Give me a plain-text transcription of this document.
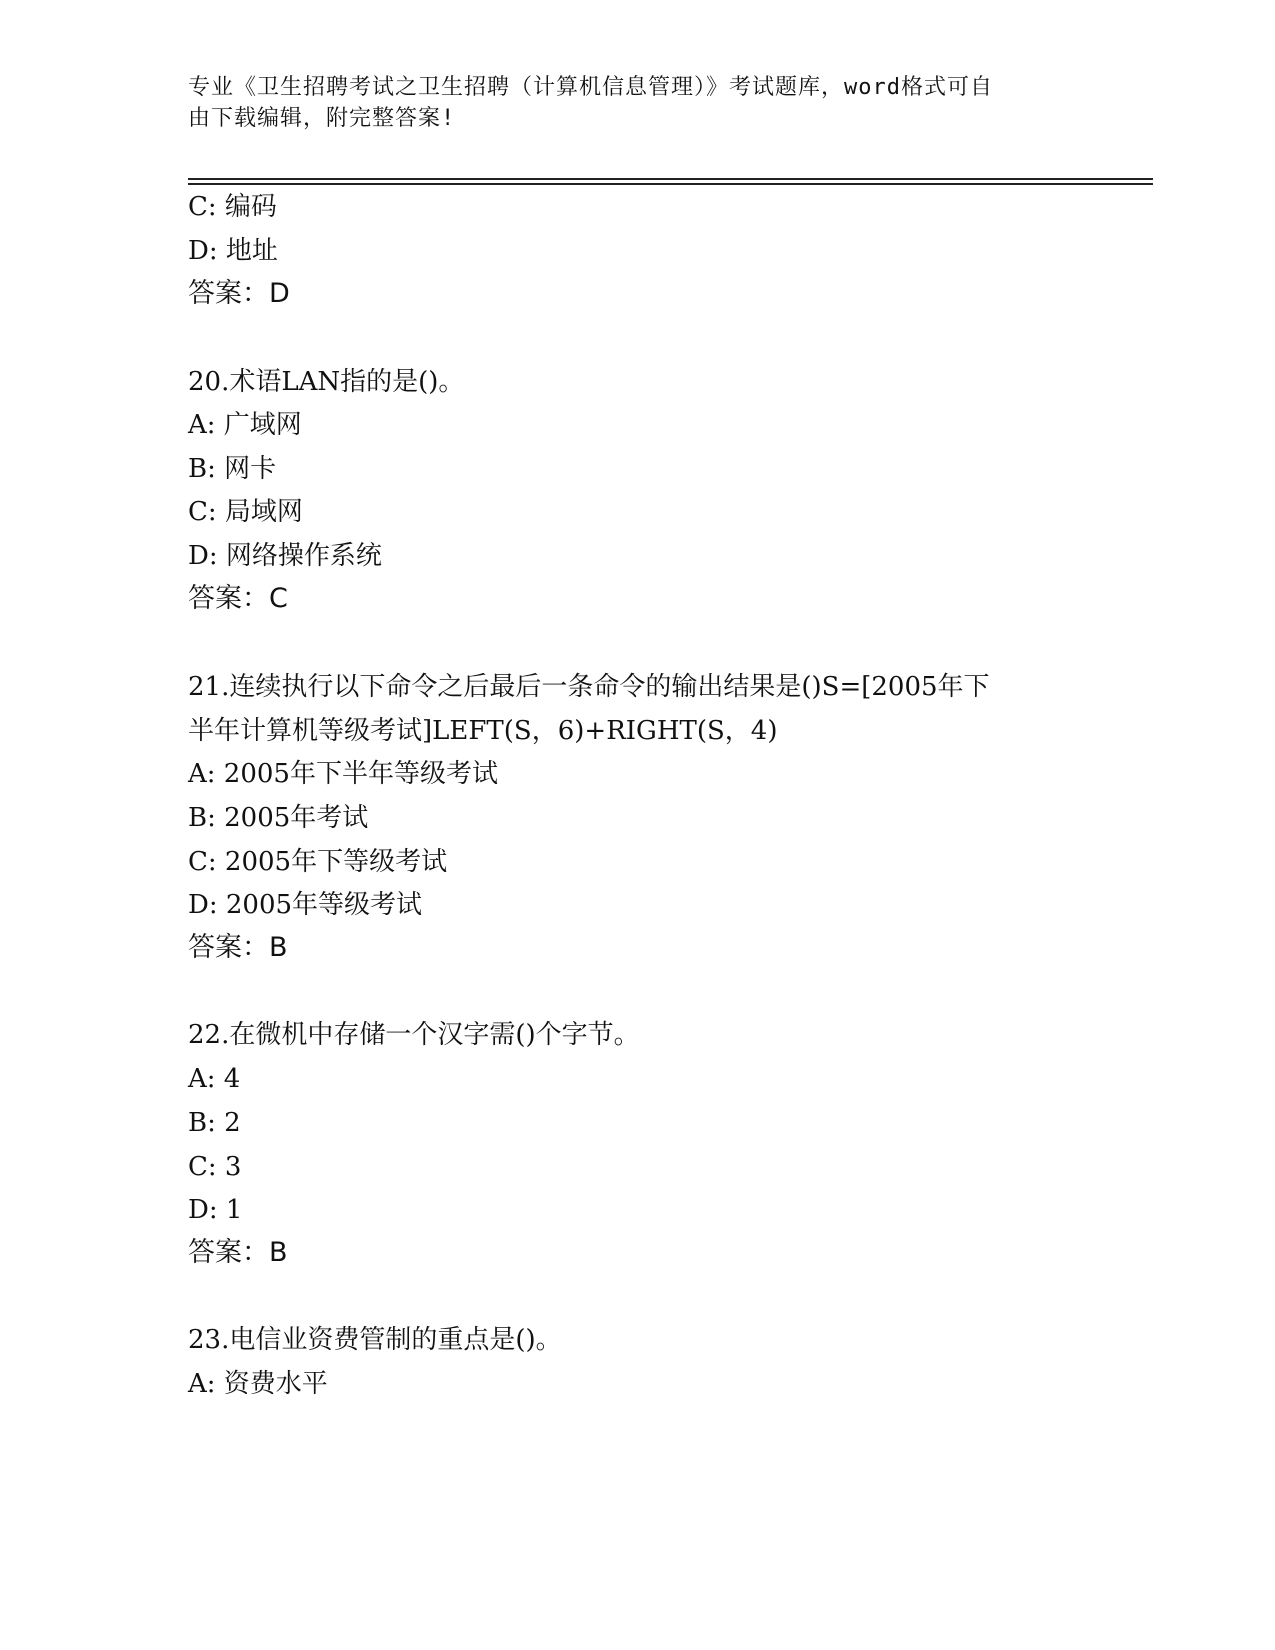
专业《卫生招聘考试之卫生招聘（计算机信息管理）》考试题库，word格式可自
由下载编辑，附完整答案!
C: 编码
D: 地址
答案：D
20.术语LAN指的是()。
A: 广域网
B: 网卡
C: 局域网
D: 网络操作系统
答案：C
21.连续执行以下命令之后最后一条命令的输出结果是()S=[2005年下
半年计算机等级考试]LEFT(S，6)+RIGHT(S，4)
A: 2005年下半年等级考试
B: 2005年考试
C: 2005年下等级考试
D: 2005年等级考试
答案：B
22.在微机中存储一个汉字需()个字节。
A: 4
B: 2
C: 3
D: 1
答案：B
23.电信业资费管制的重点是()。
A: 资费水平
